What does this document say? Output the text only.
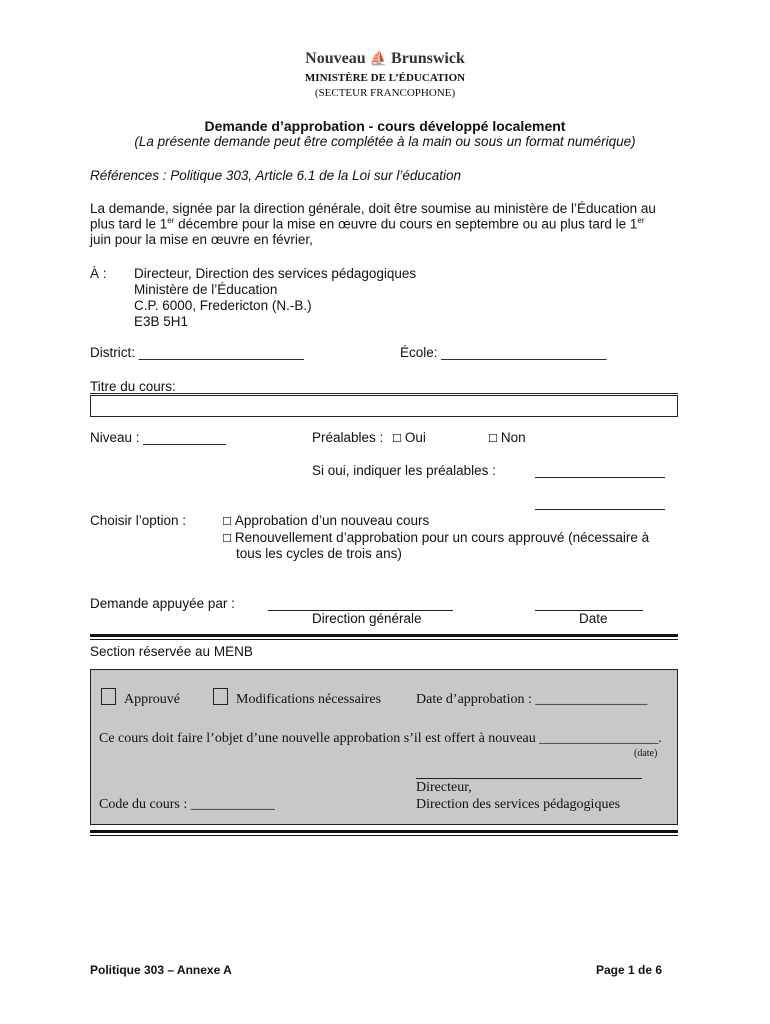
Nouveau ⛵ Brunswick
MINISTÈRE DE L’ÉDUCATION
(SECTEUR FRANCOPHONE)
Demande d’approbation - cours développé localement
(La présente demande peut être complétée à la main ou sous un format numérique)
Références : Politique 303, Article 6.1 de la Loi sur l’éducation
La demande, signée par la direction générale, doit être soumise au ministère de l’Éducation au
plus tard le 1er décembre pour la mise en œuvre du cours en septembre ou au plus tard le 1er
juin pour la mise en œuvre en février,
À : Directeur, Direction des services pédagogiques
Ministère de l’Éducation
C.P. 6000, Fredericton (N.-B.)
E3B 5H1
District: ______________________	École: ______________________
Titre du cours:
Niveau : ___________	Préalables : ☐ Oui	☐ Non
Si oui, indiquer les préalables :
Choisir l’option :	☐ Approbation d’un nouveau cours
☐ Renouvellement d’approbation pour un cours approuvé (nécessaire à
tous les cycles de trois ans)
Demande appuyée par :
Direction générale	Date
Section réservée au MENB
Approuvé	Modifications nécessaires Date d’approbation : ________________
Ce cours doit faire l’objet d’une nouvelle approbation s’il est offert à nouveau _________________.
(date)
Directeur,
Direction des services pédagogiques
Code du cours : ____________
Politique 303 – Annexe A	Page 1 de 6
